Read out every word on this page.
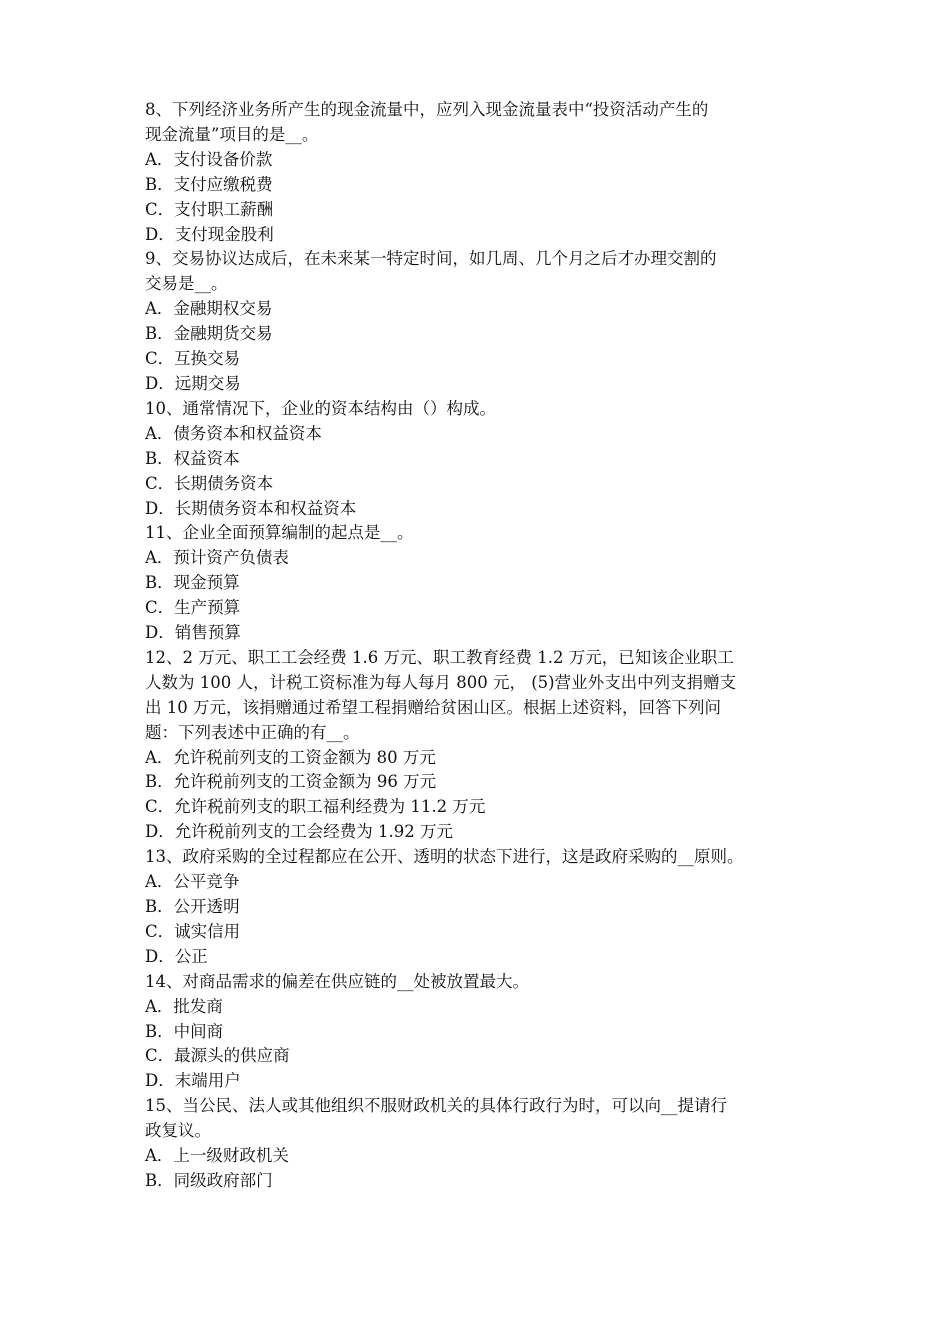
8、下列经济业务所产生的现金流量中，应列入现金流量表中“投资活动产生的
现金流量”项目的是__。
A．支付设备价款
B．支付应缴税费
C．支付职工薪酬
D．支付现金股利
9、交易协议达成后，在未来某一特定时间，如几周、几个月之后才办理交割的
交易是__。
A．金融期权交易
B．金融期货交易
C．互换交易
D．远期交易
10、通常情况下，企业的资本结构由（）构成。
A．债务资本和权益资本
B．权益资本
C．长期债务资本
D．长期债务资本和权益资本
11、企业全面预算编制的起点是__。
A．预计资产负债表
B．现金预算
C．生产预算
D．销售预算
12、2 万元、职工工会经费 1.6 万元、职工教育经费 1.2 万元，已知该企业职工
人数为 100 人，计税工资标准为每人每月 800 元， (5)营业外支出中列支捐赠支
出 10 万元，该捐赠通过希望工程捐赠给贫困山区。根据上述资料，回答下列问
题：下列表述中正确的有__。
A．允许税前列支的工资金额为 80 万元
B．允许税前列支的工资金额为 96 万元
C．允许税前列支的职工福利经费为 11.2 万元
D．允许税前列支的工会经费为 1.92 万元
13、政府采购的全过程都应在公开、透明的状态下进行，这是政府采购的__原则。
A．公平竞争
B．公开透明
C．诚实信用
D．公正
14、对商品需求的偏差在供应链的__处被放置最大。
A．批发商
B．中间商
C．最源头的供应商
D．末端用户
15、当公民、法人或其他组织不服财政机关的具体行政行为时，可以向__提请行
政复议。
A．上一级财政机关
B．同级政府部门
